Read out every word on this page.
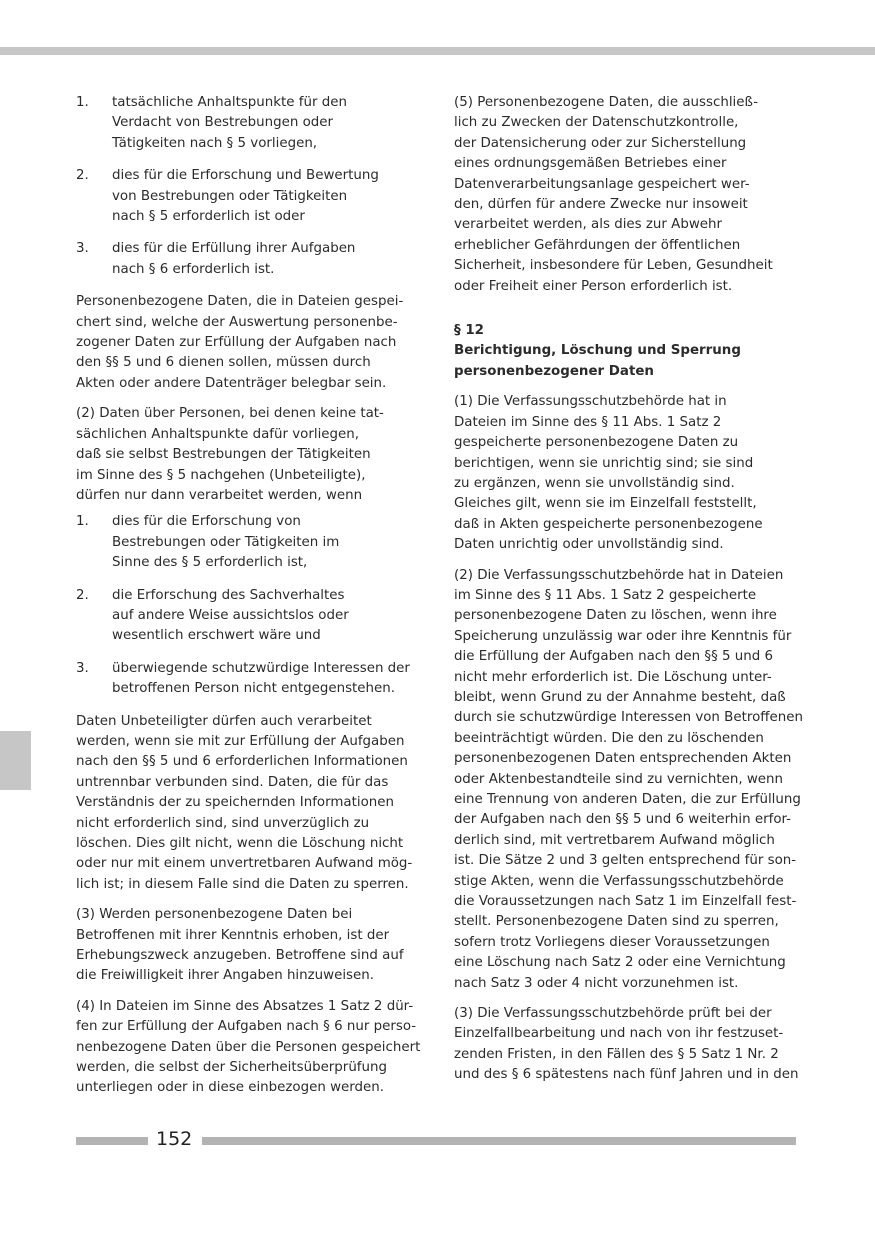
1.	tatsächliche Anhaltspunkte für den
Verdacht von Bestrebungen oder
Tätigkeiten nach § 5 vorliegen,
2.	dies für die Erforschung und Bewertung
von Bestrebungen oder Tätigkeiten
nach § 5 erforderlich ist oder
3.	dies für die Erfüllung ihrer Aufgaben
nach § 6 erforderlich ist.
Personenbezogene Daten, die in Dateien gespei-
chert sind, welche der Auswertung personenbe-
zogener Daten zur Erfüllung der Aufgaben nach
den §§ 5 und 6 dienen sollen, müssen durch
Akten oder andere Datenträger belegbar sein.
(2) Daten über Personen, bei denen keine tat-
sächlichen Anhaltspunkte dafür vorliegen,
daß sie selbst Bestrebungen der Tätigkeiten
im Sinne des § 5 nachgehen (Unbeteiligte),
dürfen nur dann verarbeitet werden, wenn
1.	dies für die Erforschung von
Bestrebungen oder Tätigkeiten im
Sinne des § 5 erforderlich ist,
2.	die Erforschung des Sachverhaltes
auf andere Weise aussichtslos oder
wesentlich erschwert wäre und
3.	überwiegende schutzwürdige Interessen der
betroffenen Person nicht entgegenstehen.
Daten Unbeteiligter dürfen auch verarbeitet
werden, wenn sie mit zur Erfüllung der Aufgaben
nach den §§ 5 und 6 erforderlichen Informationen
untrennbar verbunden sind. Daten, die für das
Verständnis der zu speichernden Informationen
nicht erforderlich sind, sind unverzüglich zu
löschen. Dies gilt nicht, wenn die Löschung nicht
oder nur mit einem unvertretbaren Aufwand mög-
lich ist; in diesem Falle sind die Daten zu sperren.
(3) Werden personenbezogene Daten bei
Betroffenen mit ihrer Kenntnis erhoben, ist der
Erhebungszweck anzugeben. Betroffene sind auf
die Freiwilligkeit ihrer Angaben hinzuweisen.
(4) In Dateien im Sinne des Absatzes 1 Satz 2 dür-
fen zur Erfüllung der Aufgaben nach § 6 nur perso-
nenbezogene Daten über die Personen gespeichert
werden, die selbst der Sicherheitsüberprüfung
unterliegen oder in diese einbezogen werden.
(5) Personenbezogene Daten, die ausschließ-
lich zu Zwecken der Datenschutzkontrolle,
der Datensicherung oder zur Sicherstellung
eines ordnungsgemäßen Betriebes einer
Datenverarbeitungsanlage gespeichert wer-
den, dürfen für andere Zwecke nur insoweit
verarbeitet werden, als dies zur Abwehr
erheblicher Gefährdungen der öffentlichen
Sicherheit, insbesondere für Leben, Gesundheit
oder Freiheit einer Person erforderlich ist.
§ 12
Berichtigung, Löschung und Sperrung
personenbezogener Daten
(1) Die Verfassungsschutzbehörde hat in
Dateien im Sinne des § 11 Abs. 1 Satz 2
gespeicherte personenbezogene Daten zu
berichtigen, wenn sie unrichtig sind; sie sind
zu ergänzen, wenn sie unvollständig sind.
Gleiches gilt, wenn sie im Einzelfall feststellt,
daß in Akten gespeicherte personenbezogene
Daten unrichtig oder unvollständig sind.
(2) Die Verfassungsschutzbehörde hat in Dateien
im Sinne des § 11 Abs. 1 Satz 2 gespeicherte
personenbezogene Daten zu löschen, wenn ihre
Speicherung unzulässig war oder ihre Kenntnis für
die Erfüllung der Aufgaben nach den §§ 5 und 6
nicht mehr erforderlich ist. Die Löschung unter-
bleibt, wenn Grund zu der Annahme besteht, daß
durch sie schutzwürdige Interessen von Betroffenen
beeinträchtigt würden. Die den zu löschenden
personenbezogenen Daten entsprechenden Akten
oder Aktenbestandteile sind zu vernichten, wenn
eine Trennung von anderen Daten, die zur Erfüllung
der Aufgaben nach den §§ 5 und 6 weiterhin erfor-
derlich sind, mit vertretbarem Aufwand möglich
ist. Die Sätze 2 und 3 gelten entsprechend für son-
stige Akten, wenn die Verfassungsschutzbehörde
die Voraussetzungen nach Satz 1 im Einzelfall fest-
stellt. Personenbezogene Daten sind zu sperren,
sofern trotz Vorliegens dieser Voraussetzungen
eine Löschung nach Satz 2 oder eine Vernichtung
nach Satz 3 oder 4 nicht vorzunehmen ist.
(3) Die Verfassungsschutzbehörde prüft bei der
Einzelfallbearbeitung und nach von ihr festzuset-
zenden Fristen, in den Fällen des § 5 Satz 1 Nr. 2
und des § 6 spätestens nach fünf Jahren und in den
152
